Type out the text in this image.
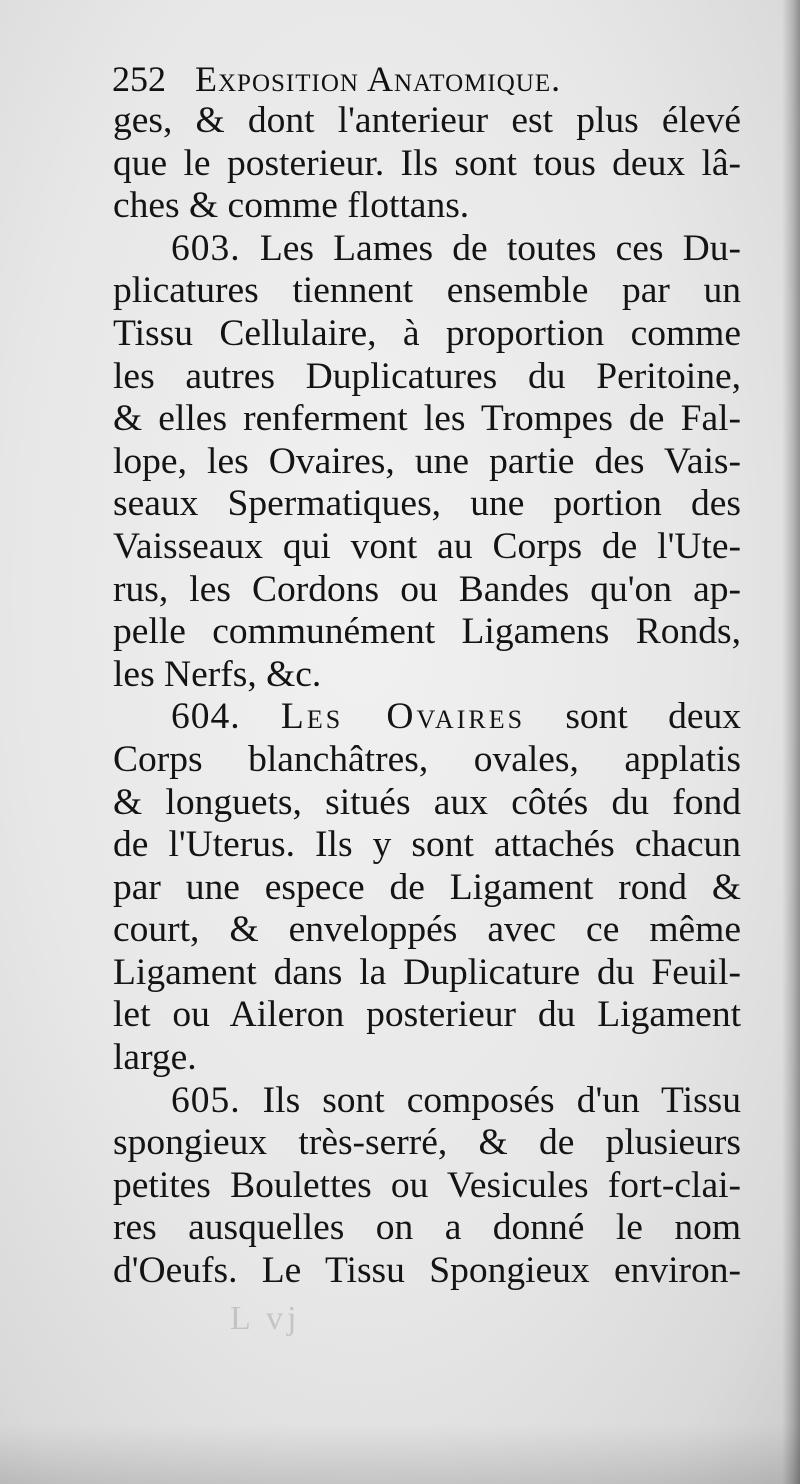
L vj
252 Exposition Anatomique.
ges, & dont l'anterieur est plus élevé
que le posterieur. Ils sont tous deux lâ-
ches & comme flottans.
603. Les Lames de toutes ces Du-
plicatures tiennent ensemble par un
Tissu Cellulaire, à proportion comme
les autres Duplicatures du Peritoine,
& elles renferment les Trompes de Fal-
lope, les Ovaires, une partie des Vais-
seaux Spermatiques, une portion des
Vaisseaux qui vont au Corps de l'Ute-
rus, les Cordons ou Bandes qu'on ap-
pelle communément Ligamens Ronds,
les Nerfs, &c.
604. Les Ovaires sont deux
Corps blanchâtres, ovales, applatis
& longuets, situés aux côtés du fond
de l'Uterus. Ils y sont attachés chacun
par une espece de Ligament rond &
court, & enveloppés avec ce même
Ligament dans la Duplicature du Feuil-
let ou Aileron posterieur du Ligament
large.
605. Ils sont composés d'un Tissu
spongieux très-serré, & de plusieurs
petites Boulettes ou Vesicules fort-clai-
res ausquelles on a donné le nom
d'Oeufs. Le Tissu Spongieux environ-
